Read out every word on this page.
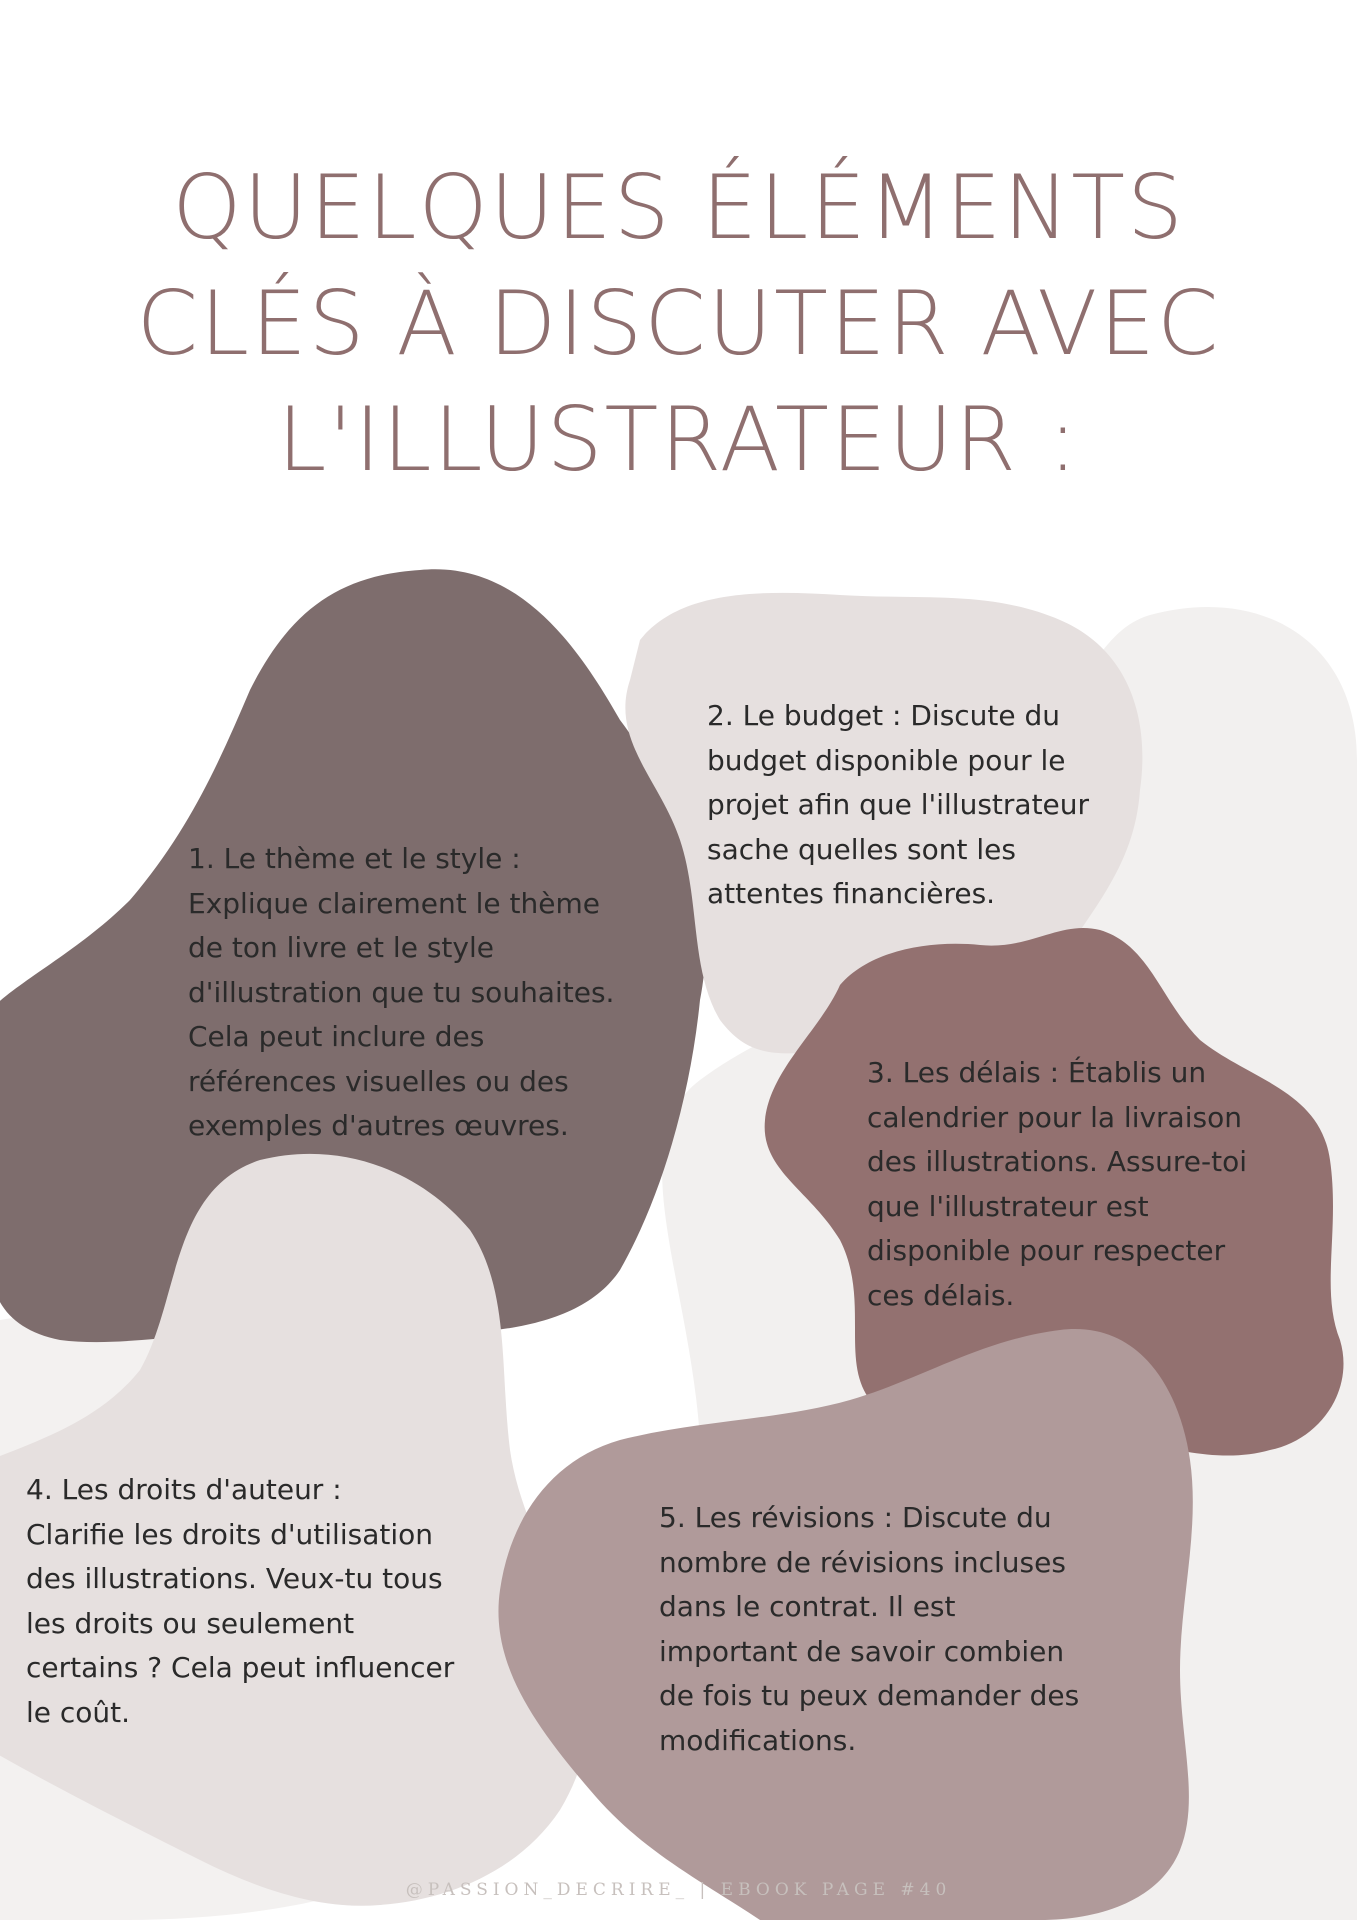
QUELQUES ÉLÉMENTS
CLÉS À DISCUTER AVEC
L'ILLUSTRATEUR :

1. Le thème et le style :
Explique clairement le thème
de ton livre et le style
d'illustration que tu souhaites.
Cela peut inclure des
références visuelles ou des
exemples d'autres œuvres.

2. Le budget : Discute du
budget disponible pour le
projet afin que l'illustrateur
sache quelles sont les
attentes financières.

3. Les délais : Établis un
calendrier pour la livraison
des illustrations. Assure-toi
que l'illustrateur est
disponible pour respecter
ces délais.

4. Les droits d'auteur :
Clarifie les droits d'utilisation
des illustrations. Veux-tu tous
les droits ou seulement
certains ? Cela peut influencer
le coût.

5. Les révisions : Discute du
nombre de révisions incluses
dans le contrat. Il est
important de savoir combien
de fois tu peux demander des
modifications.

@PASSION_DECRIRE_ | EBOOK PAGE #40
